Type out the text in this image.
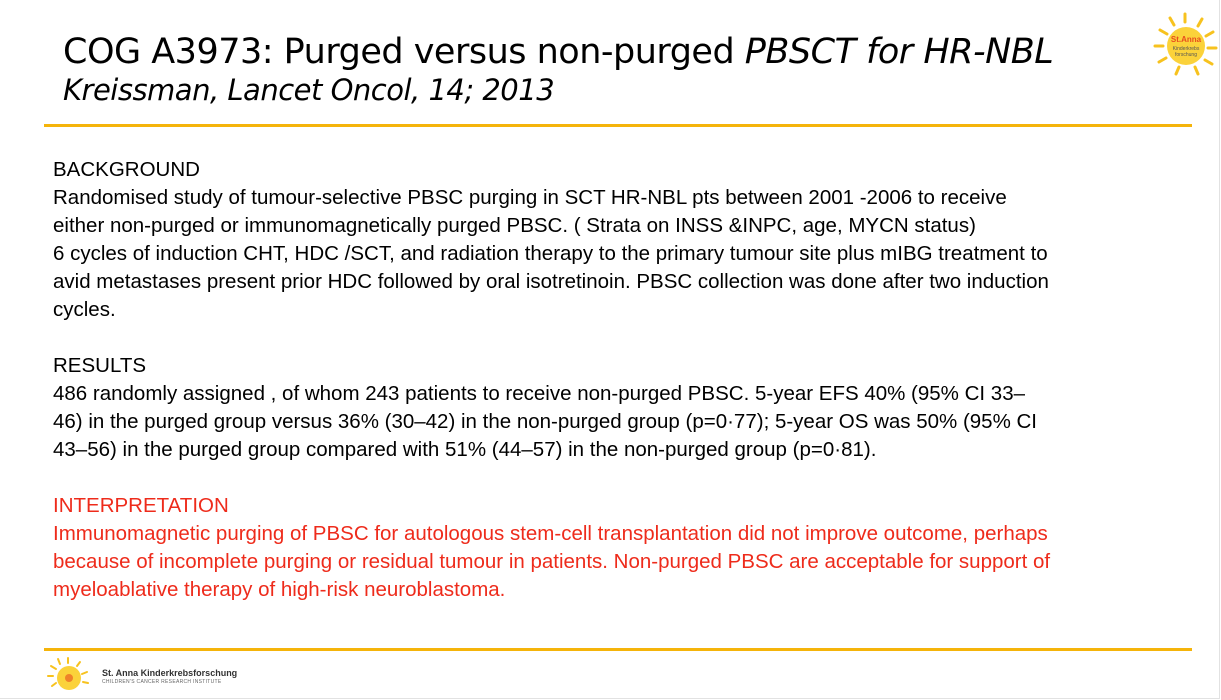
COG A3973: Purged versus non-purged PBSCT for HR-NBL
Kreissman, Lancet Oncol, 14; 2013
St.Anna
Kinderkrebs
forschung

BACKGROUND

Randomised study of tumour-selective PBSC purging in SCT HR-NBL pts between 2001 -2006 to receive

either non-purged or immunomagnetically purged PBSC. ( Strata on INSS &INPC, age, MYCN status)

6 cycles of induction CHT, HDC /SCT, and radiation therapy to the primary tumour site plus mIBG treatment to

avid metastases present prior HDC followed by oral isotretinoin. PBSC collection was done after two induction

cycles.

RESULTS

486 randomly assigned , of whom 243 patients to receive non-purged PBSC. 5-year EFS 40% (95% CI 33–

46) in the purged group versus 36% (30–42) in the non-purged group (p=0·77); 5-year OS was 50% (95% CI

43–56) in the purged group compared with 51% (44–57) in the non-purged group (p=0·81).

INTERPRETATION

Immunomagnetic purging of PBSC for autologous stem-cell transplantation did not improve outcome, perhaps

because of incomplete purging or residual tumour in patients. Non-purged PBSC are acceptable for support of

myeloablative therapy of high-risk neuroblastoma.

St. Anna Kinderkrebsforschung
CHILDREN'S CANCER RESEARCH INSTITUTE
